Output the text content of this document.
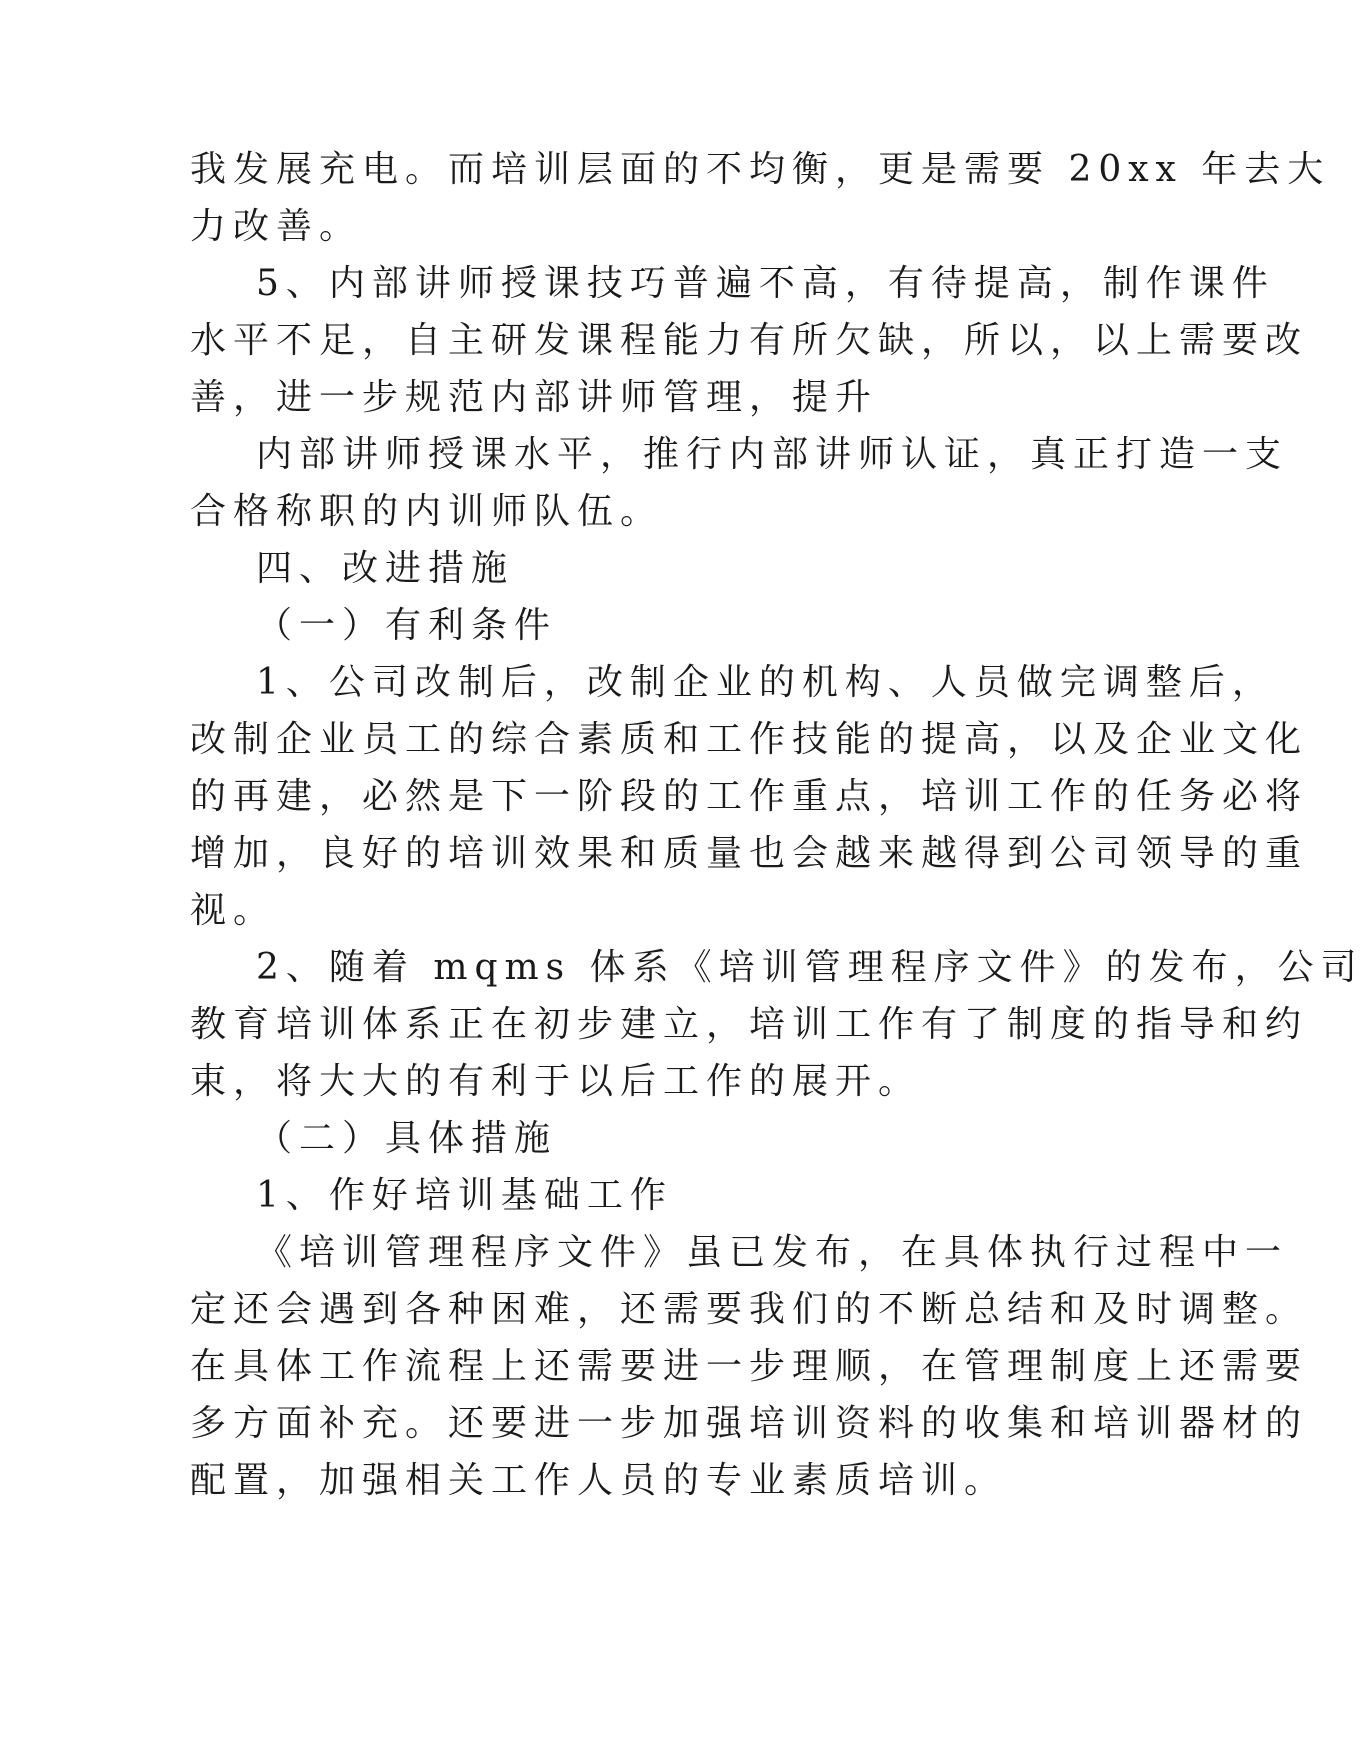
我发展充电。而培训层面的不均衡，更是需要 20xx 年去大
力改善。
5、内部讲师授课技巧普遍不高，有待提高，制作课件
水平不足，自主研发课程能力有所欠缺，所以，以上需要改
善，进一步规范内部讲师管理，提升
内部讲师授课水平，推行内部讲师认证，真正打造一支
合格称职的内训师队伍。
四、改进措施
（一）有利条件
1、公司改制后，改制企业的机构、人员做完调整后，
改制企业员工的综合素质和工作技能的提高，以及企业文化
的再建，必然是下一阶段的工作重点，培训工作的任务必将
增加，良好的培训效果和质量也会越来越得到公司领导的重
视。
2、随着 mqms 体系《培训管理程序文件》的发布，公司
教育培训体系正在初步建立，培训工作有了制度的指导和约
束，将大大的有利于以后工作的展开。
（二）具体措施
1、作好培训基础工作
《培训管理程序文件》虽已发布，在具体执行过程中一
定还会遇到各种困难，还需要我们的不断总结和及时调整。
在具体工作流程上还需要进一步理顺，在管理制度上还需要
多方面补充。还要进一步加强培训资料的收集和培训器材的
配置，加强相关工作人员的专业素质培训。
